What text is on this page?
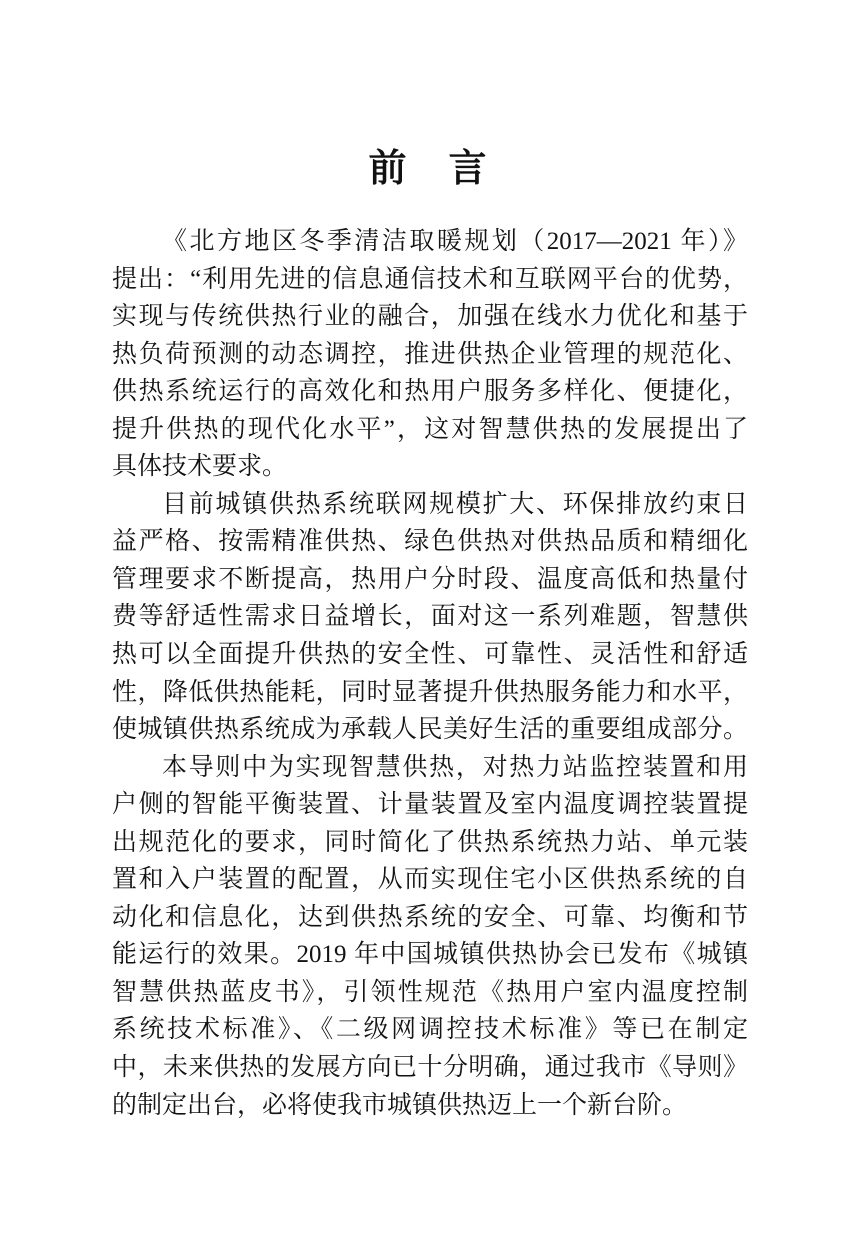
前　言
《北方地区冬季清洁取暖规划（2017—2021 年）》
提出：“利用先进的信息通信技术和互联网平台的优势，
实现与传统供热行业的融合，加强在线水力优化和基于
热负荷预测的动态调控，推进供热企业管理的规范化、
供热系统运行的高效化和热用户服务多样化、便捷化，
提升供热的现代化水平”，这对智慧供热的发展提出了
具体技术要求。
目前城镇供热系统联网规模扩大、环保排放约束日
益严格、按需精准供热、绿色供热对供热品质和精细化
管理要求不断提高，热用户分时段、温度高低和热量付
费等舒适性需求日益增长，面对这一系列难题，智慧供
热可以全面提升供热的安全性、可靠性、灵活性和舒适
性，降低供热能耗，同时显著提升供热服务能力和水平，
使城镇供热系统成为承载人民美好生活的重要组成部分。
本导则中为实现智慧供热，对热力站监控装置和用
户侧的智能平衡装置、计量装置及室内温度调控装置提
出规范化的要求，同时简化了供热系统热力站、单元装
置和入户装置的配置，从而实现住宅小区供热系统的自
动化和信息化，达到供热系统的安全、可靠、均衡和节
能运行的效果。2019 年中国城镇供热协会已发布《城镇
智慧供热蓝皮书》，引领性规范《热用户室内温度控制
系统技术标准》、《二级网调控技术标准》等已在制定
中，未来供热的发展方向已十分明确，通过我市《导则》
的制定出台，必将使我市城镇供热迈上一个新台阶。
